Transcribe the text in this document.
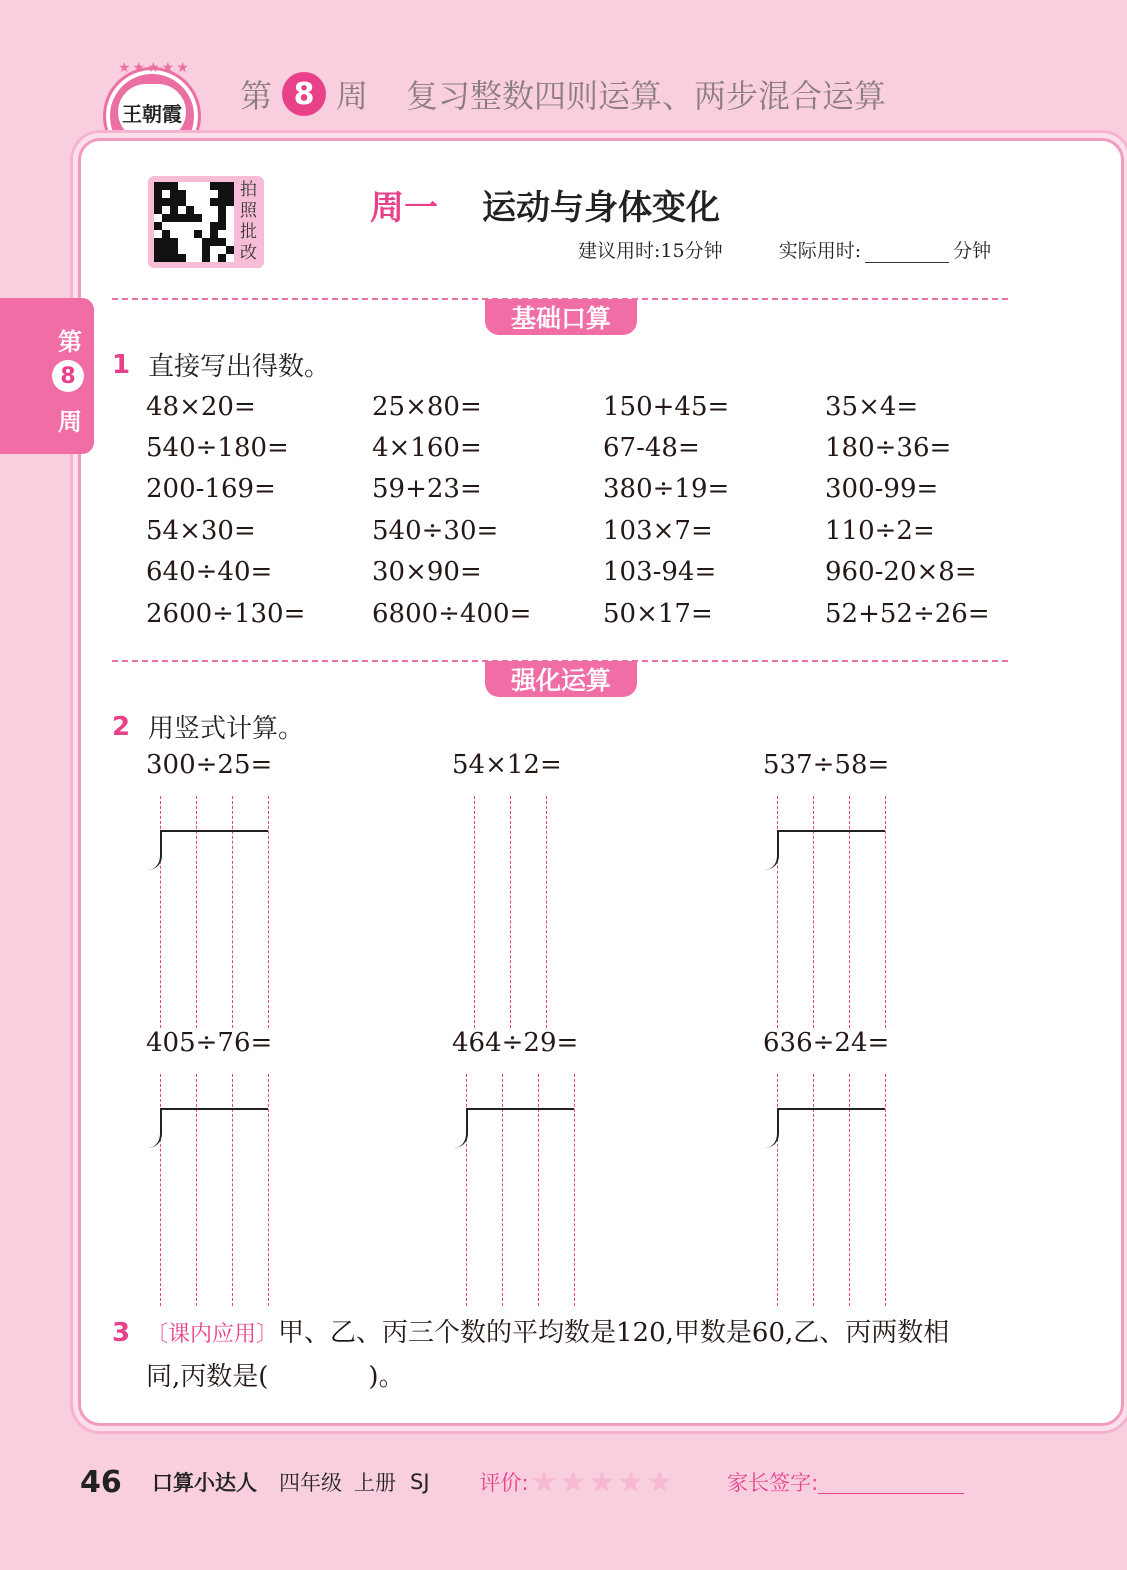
★★★★★
王朝霞 第 8 周 复习整数四则运算、两步混合运算
第
8
周
拍
照
批
改
周一 运动与身体变化
建议用时:15分钟	实际用时:	分钟
基础口算
1 直接写出得数。
48×20=	25×80=	150+45=	35×4=
540÷180=	4×160=	67-48=	180÷36=
200-169=	59+23=	380÷19=	300-99=
54×30=	540÷30=	103×7=	110÷2=
640÷40=	30×90=	103-94=	960-20×8=
2600÷130=	6800÷400=	50×17=	52+52÷26=
强化运算
2 用竖式计算。
300÷25=	54×12=	537÷58=
405÷76=	464÷29=	636÷24=
3 〔课内应用〕甲、乙、丙三个数的平均数是120,甲数是60,乙、丙两数相
同,丙数是(	)。
46	口算小达人 四年级 上册 SJ 评价: ★★★★★ 家长签字:
